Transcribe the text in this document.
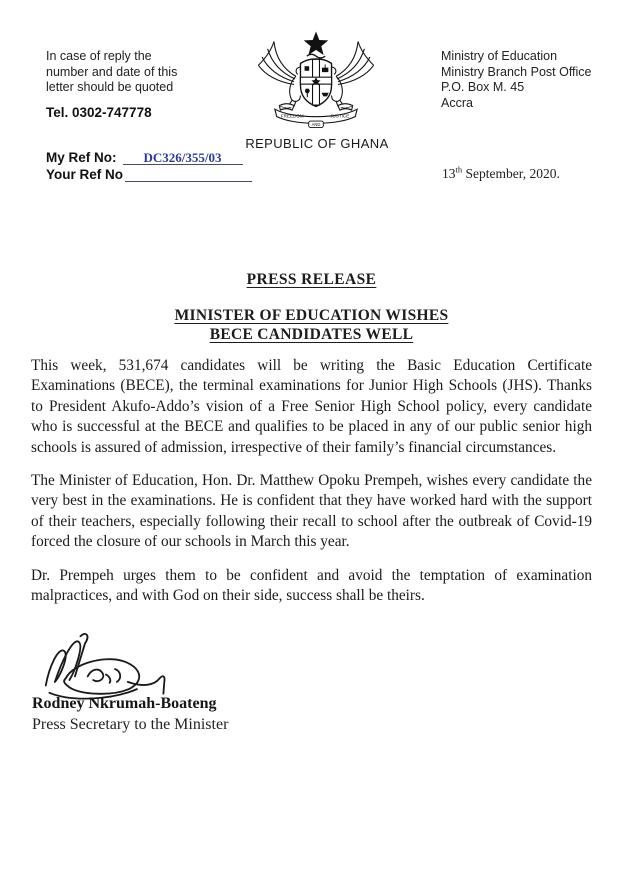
In case of reply the
number and date of this
letter should be quoted
Tel. 0302-747778	FREEDOM	JUSTICE
AND
REPUBLIC OF GHANA
Ministry of Education
Ministry Branch Post Office
P.O. Box M. 45
Accra
My Ref No:	DC326/355/03
Your Ref No	13th September, 2020.
PRESS RELEASE
MINISTER OF EDUCATION WISHES
BECE CANDIDATES WELL

This week, 531,674 candidates will be writing the Basic Education Certificate Examinations (BECE), the terminal examinations for Junior High Schools (JHS). Thanks to President Akufo-Addo’s vision of a Free Senior High School policy, every candidate who is successful at the BECE and qualifies to be placed in any of our public senior high schools is assured of admission, irrespective of their family’s financial circumstances.

The Minister of Education, Hon. Dr. Matthew Opoku Prempeh, wishes every candidate the very best in the examinations. He is confident that they have worked hard with the support of their teachers, especially following their recall to school after the outbreak of Covid-19 forced the closure of our schools in March this year.

Dr. Prempeh urges them to be confident and avoid the temptation of examination malpractices, and with God on their side, success shall be theirs.

Rodney Nkrumah-Boateng
Press Secretary to the Minister
